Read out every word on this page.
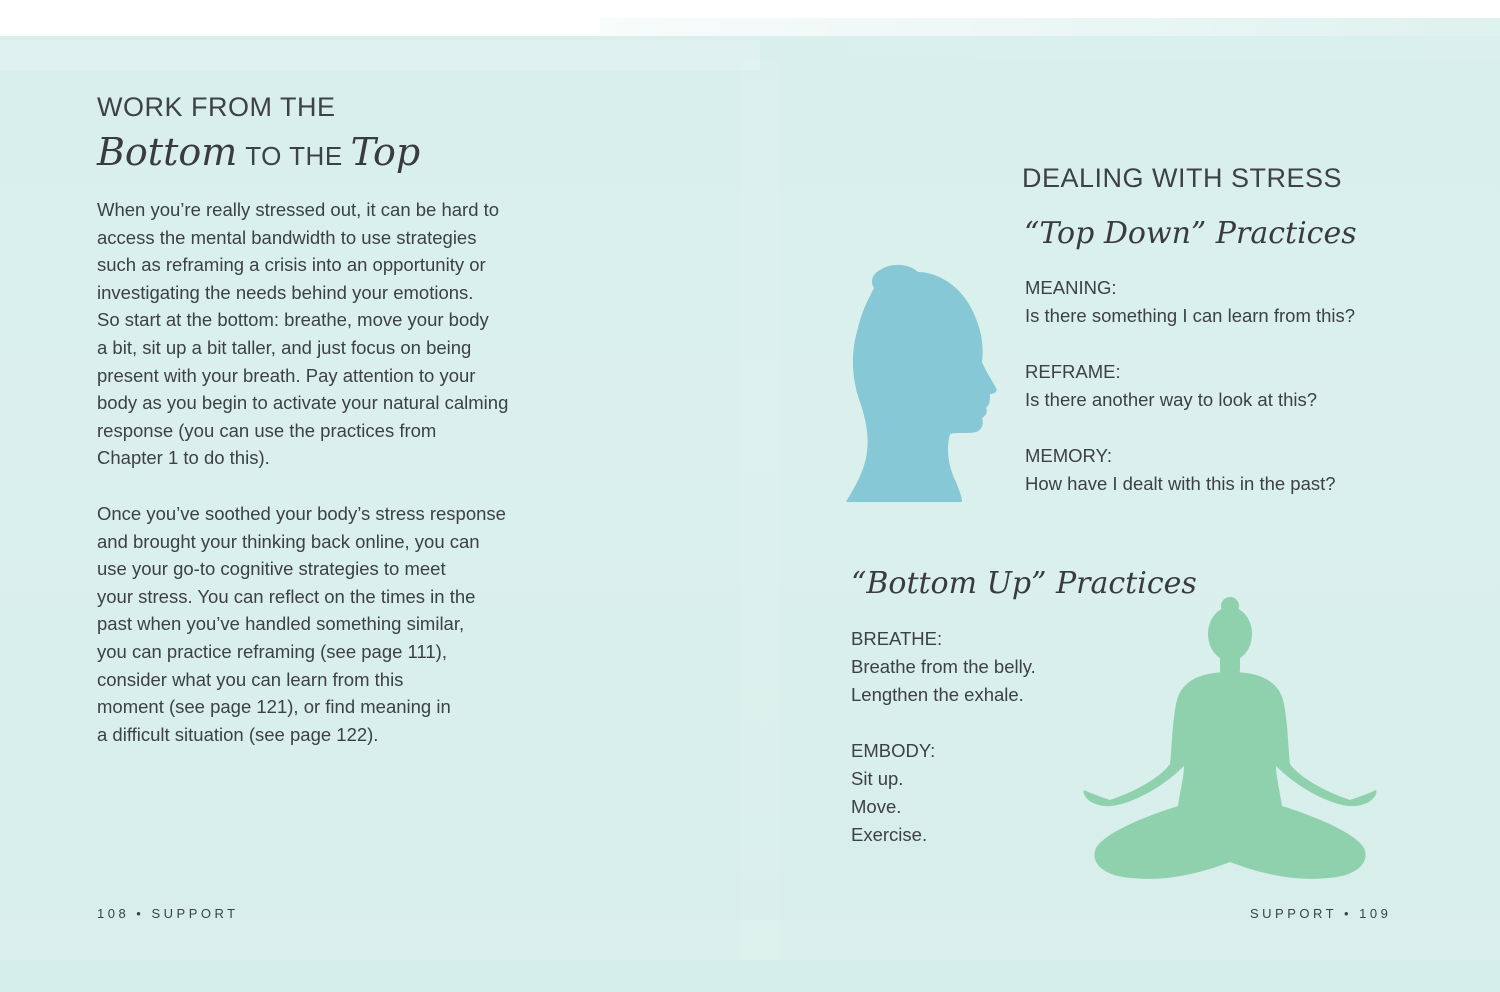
WORK FROM THE
Bottom TO THE Top
When you’re really stressed out, it can be hard to
access the mental bandwidth to use strategies
such as reframing a crisis into an opportunity or
investigating the needs behind your emotions.
So start at the bottom: breathe, move your body
a bit, sit up a bit taller, and just focus on being
present with your breath. Pay attention to your
body as you begin to activate your natural calming
response (you can use the practices from
Chapter 1 to do this).
Once you’ve soothed your body’s stress response
and brought your thinking back online, you can
use your go-to cognitive strategies to meet
your stress. You can reflect on the times in the
past when you’ve handled something similar,
you can practice reframing (see page 111),
consider what you can learn from this
moment (see page 121), or find meaning in
a difficult situation (see page 122).
108 • SUPPORT
DEALING WITH STRESS
“Top Down” Practices
MEANING:
Is there something I can learn from this?
REFRAME:
Is there another way to look at this?
MEMORY:
How have I dealt with this in the past?
“Bottom Up” Practices
BREATHE:
Breathe from the belly.
Lengthen the exhale.
EMBODY:
Sit up.
Move.
Exercise.
SUPPORT • 109
